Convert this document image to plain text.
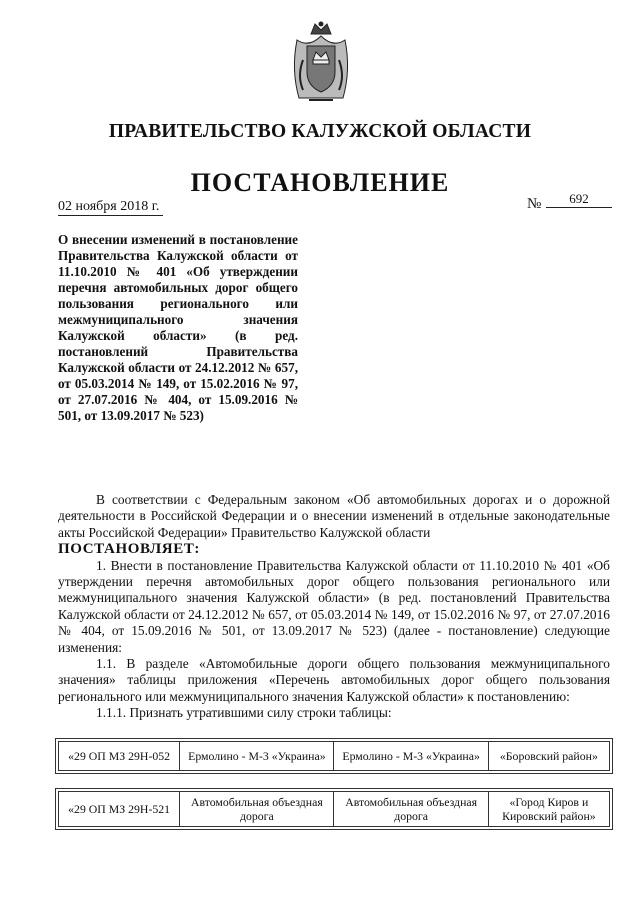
ПРАВИТЕЛЬСТВО КАЛУЖСКОЙ ОБЛАСТИ
ПОСТАНОВЛЕНИЕ
02 ноября 2018 г.	№	692
О внесении изменений в постановление Правительства Калужской области от 11.10.2010 № 401 «Об утверждении перечня автомобильных дорог общего пользования регионального или межмуниципального значения Калужской области» (в ред. постановлений Правительства Калужской области от 24.12.2012 № 657, от 05.03.2014 № 149, от 15.02.2016 № 97, от 27.07.2016 № 404, от 15.09.2016 № 501, от 13.09.2017 № 523)

В соответствии с Федеральным законом «Об автомобильных дорогах и о дорожной деятельности в Российской Федерации и о внесении изменений в отдельные законодательные акты Российской Федерации» Правительство Калужской области

ПОСТАНОВЛЯЕТ:

1. Внести в постановление Правительства Калужской области от 11.10.2010 № 401 «Об утверждении перечня автомобильных дорог общего пользования регионального или межмуниципального значения Калужской области» (в ред. постановлений Правительства Калужской области от 24.12.2012 № 657, от 05.03.2014 № 149, от 15.02.2016 № 97, от 27.07.2016 № 404, от 15.09.2016 № 501, от 13.09.2017 № 523) (далее - постановление) следующие изменения:

1.1. В разделе «Автомобильные дороги общего пользования межмуниципального значения» таблицы приложения «Перечень автомобильных дорог общего пользования регионального или межмуниципального значения Калужской области» к постановлению:

1.1.1. Признать утратившими силу строки таблицы:

«29 ОП МЗ 29Н-052	Ермолино - М-3 «Украина»	Ермолино - М-3 «Украина»	«Боровский район»
«29 ОП МЗ 29Н-521	Автомобильная объездная дорога	Автомобильная объездная дорога	«Город Киров и Кировский район»
